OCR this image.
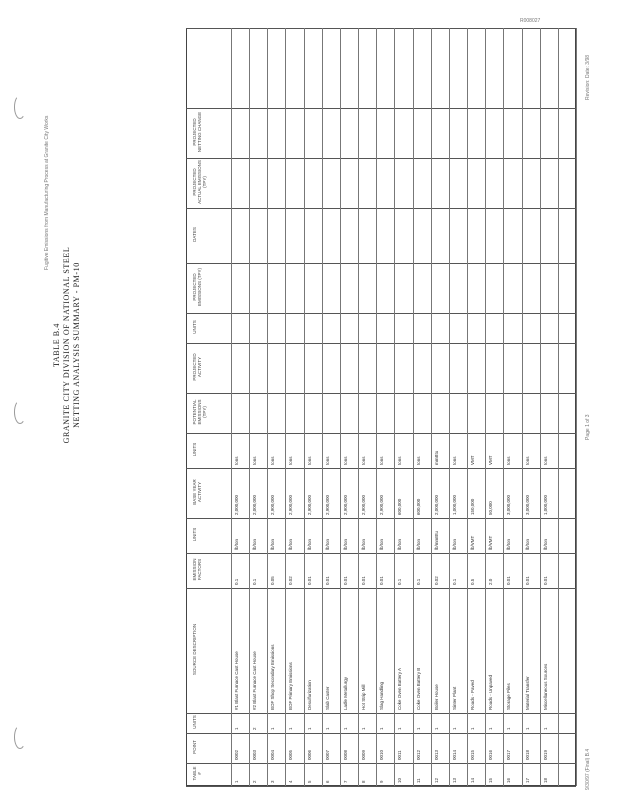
R008027
Fugitive Emissions from Manufacturing Process at Granite City Works
TABLE B.4 GRANITE CITY DIVISION OF NATIONAL STEEL NETTING ANALYSIS SUMMARY - PM-10
9/30/97 (Final) B.4
Page 1 of 3
Revision: Date: 3/98
TABLE #
POINT
UNITS
SOURCE DESCRIPTION
EMISSION FACTORS
UNITS
BASE YEAR ACTIVITY
UNITS
POTENTIAL EMISSIONS (TPY)
PROJECTED ACTIVITY
UNITS
PROJECTED EMISSIONS (TPY)
DATES
PROJECTED ACTUAL EMISSIONS (TPY)
PROJECTED NETTING CHANGE
1
0002
1
#1 Blast Furnace Cast House
0.1
lb/ton
2,000,000
tons
2
0003
2
#2 Blast Furnace Cast House
0.1
lb/ton
2,000,000
tons
3
0004
1
BOF Shop Secondary Emissions
0.05
lb/ton
2,900,000
tons
4
0005
1
BOF Primary Emissions
0.02
lb/ton
2,900,000
tons
5
0006
1
Desulfurization
0.01
lb/ton
2,900,000
tons
6
0007
1
Slab Caster
0.01
lb/ton
2,900,000
tons
7
0008
1
Ladle Metallurgy
0.01
lb/ton
2,900,000
tons
8
0009
1
Hot Strip Mill
0.01
lb/ton
2,900,000
tons
9
0010
1
Slag Handling
0.01
lb/ton
2,900,000
tons
10
0011
1
Coke Oven Battery A
0.1
lb/ton
600,000
tons
11
0012
1
Coke Oven Battery B
0.1
lb/ton
600,000
tons
12
0013
1
Boiler House
0.02
lb/mmBtu
2,000,000
mmBtu
13
0014
1
Sinter Plant
0.1
lb/ton
1,000,000
tons
14
0015
1
Roads - Paved
0.5
lb/VMT
150,000
VMT
15
0016
1
Roads - Unpaved
2.0
lb/VMT
50,000
VMT
16
0017
1
Storage Piles
0.01
lb/ton
3,000,000
tons
17
0018
1
Material Transfer
0.01
lb/ton
3,000,000
tons
18
0019
1
Miscellaneous Sources
0.01
lb/ton
1,000,000
tons
